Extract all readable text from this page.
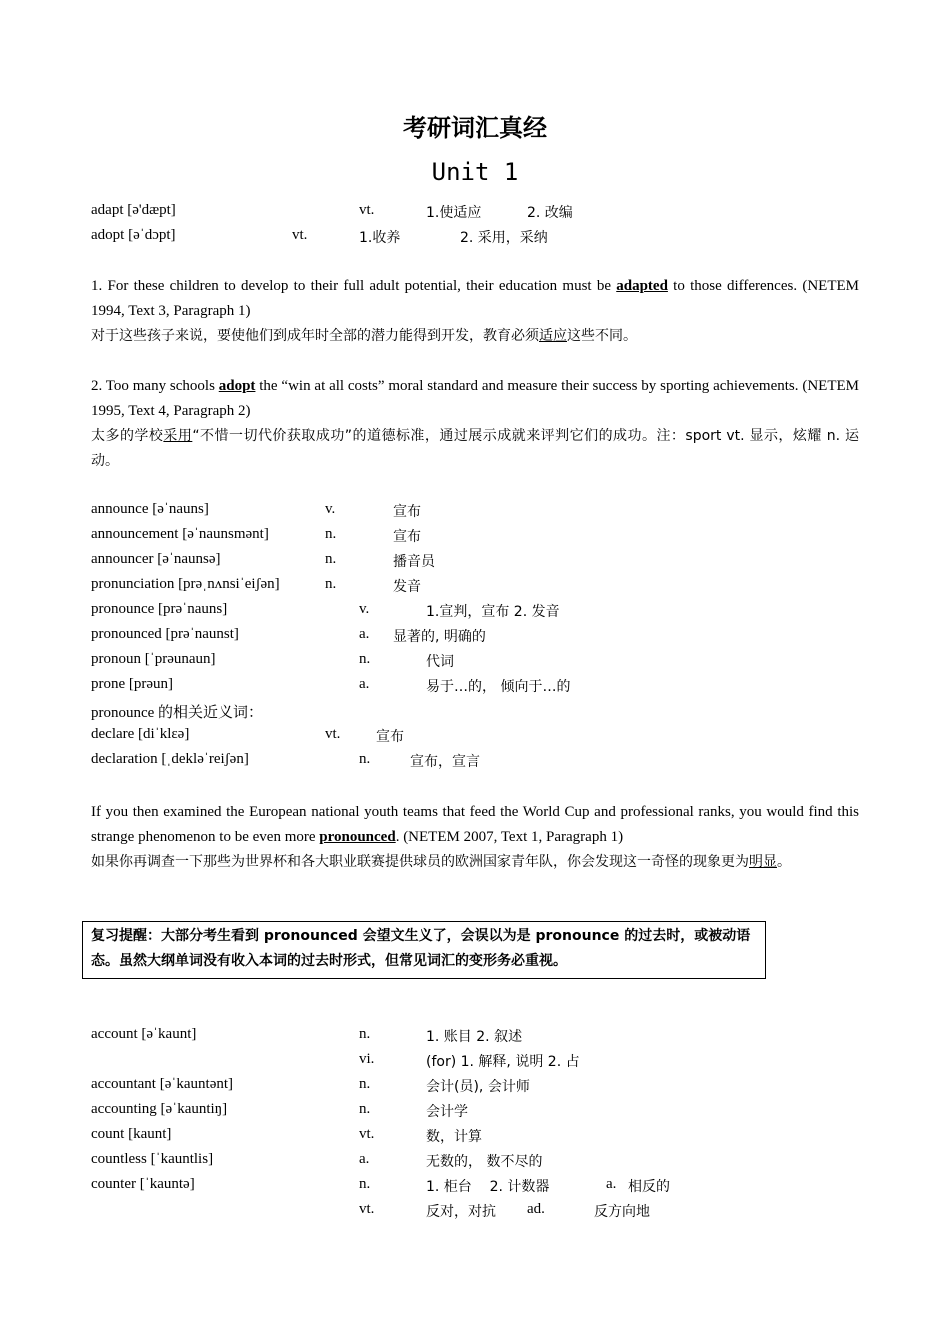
考研词汇真经
Unit 1
adapt [ə'dæpt]	vt.	1.使适应	2. 改编
adopt [əˈdɔpt]	vt.	1.收养	2. 采用，采纳
1. For these children to develop to their full adult potential, their education must be adapted to those differences. (NETEM 1994, Text 3, Paragraph 1)
对于这些孩子来说，要使他们到成年时全部的潜力能得到开发，教育必须适应这些不同。
2. Too many schools adopt the “win at all costs” moral standard and measure their success by sporting achievements. (NETEM 1995, Text 4, Paragraph 2)
太多的学校采用“不惜一切代价获取成功”的道德标准，通过展示成就来评判它们的成功。注：sport vt. 显示，炫耀 n. 运动。
announce [əˈnauns]	v.	宣布
announcement [əˈnaunsmənt]	n.	宣布
announcer [əˈnaunsə]	n.	播音员
pronunciation [prəˌnʌnsiˈeiʃən]	n.	发音
pronounce [prəˈnauns]	v.	1.宣判，宣布 2. 发音
pronounced [prəˈnaunst]	a. 显著的, 明确的
pronoun [ˈprəunaun]	n.	代词
prone [prəun]	a.	易于…的， 倾向于…的
pronounce 的相关近义词：
declare [diˈklɛə]	vt.	宣布
declaration [ˌdekləˈreiʃən]	n.	宣布，宣言
If you then examined the European national youth teams that feed the World Cup and professional ranks, you would find this strange phenomenon to be even more pronounced. (NETEM 2007, Text 1, Paragraph 1)
如果你再调查一下那些为世界杯和各大职业联赛提供球员的欧洲国家青年队，你会发现这一奇怪的现象更为明显。
复习提醒：大部分考生看到 pronounced 会望文生义了，会误以为是 pronounce 的过去时，或被动语态。虽然大纲单词没有收入本词的过去时形式，但常见词汇的变形务必重视。
account [əˈkaunt]	n.	1. 账目 2. 叙述
vi.	(for) 1. 解释, 说明 2. 占
accountant [əˈkauntənt]	n.	会计(员), 会计师
accounting [əˈkauntiŋ]	n.	会计学
count [kaunt]	vt.	数，计算
countless [ˈkauntlis]	a.	无数的， 数不尽的
counter [ˈkauntə]	n.	1. 柜台    2. 计数器	a. 相反的
vt.	反对，对抗 ad.	反方向地
